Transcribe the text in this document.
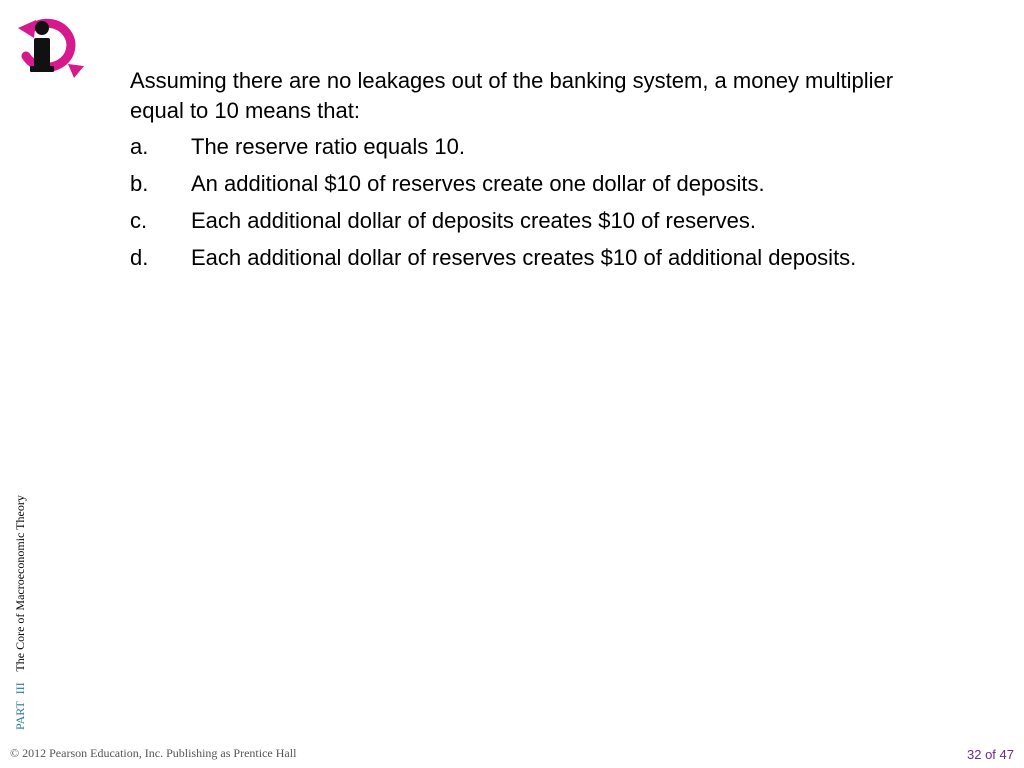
Assuming there are no leakages out of the banking system, a money multiplier equal to 10 means that:
a.	The reserve ratio equals 10.
b.	An additional $10 of reserves create one dollar of deposits.
c.	Each additional dollar of deposits creates $10 of reserves.
d.	Each additional dollar of reserves creates $10 of additional deposits.
PART III The Core of Macroeconomic Theory
© 2012 Pearson Education, Inc. Publishing as Prentice Hall	32 of 47
